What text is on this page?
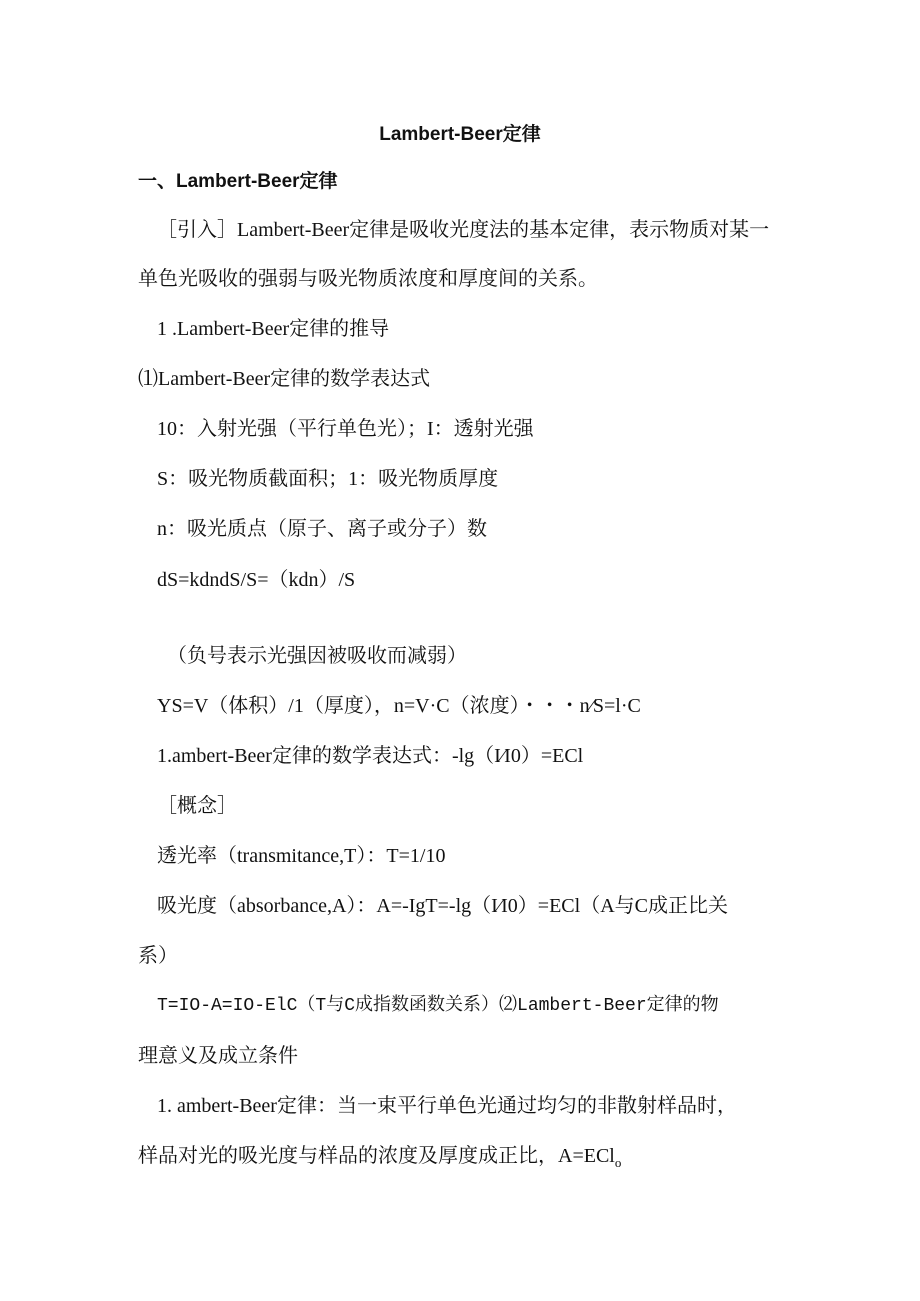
Lambert-Beer定律
一、Lambert-Beer定律
［引入］Lambert-Beer定律是吸收光度法的基本定律，表示物质对某一
单色光吸收的强弱与吸光物质浓度和厚度间的关系。
1 .Lambert-Beer定律的推导
⑴Lambert-Beer定律的数学表达式
10：入射光强（平行单色光）；I：透射光强
S：吸光物质截面积；1：吸光物质厚度
n：吸光质点（原子、离子或分子）数
dS=kdndS/S=（kdn）/S
（负号表示光强因被吸收而减弱）
YS=V（体积）/1（厚度），n=V·C（浓度）・・・n⁄S=l·C
1.ambert-Beer定律的数学表达式：-lg（I⁄I0）=ECl
［概念］
透光率（transmitance,T）：T=1/10
吸光度（absorbance,A）：A=-IgT=-lg（I⁄I0）=ECl（A与C成正比关
系）
T=IO-A=IO-ElC（T与C成指数函数关系）⑵Lambert-Beer定律的物
理意义及成立条件
1. ambert-Beer定律：当一束平行单色光通过均匀的非散射样品时，
样品对光的吸光度与样品的浓度及厚度成正比，A=ECl$_o$
